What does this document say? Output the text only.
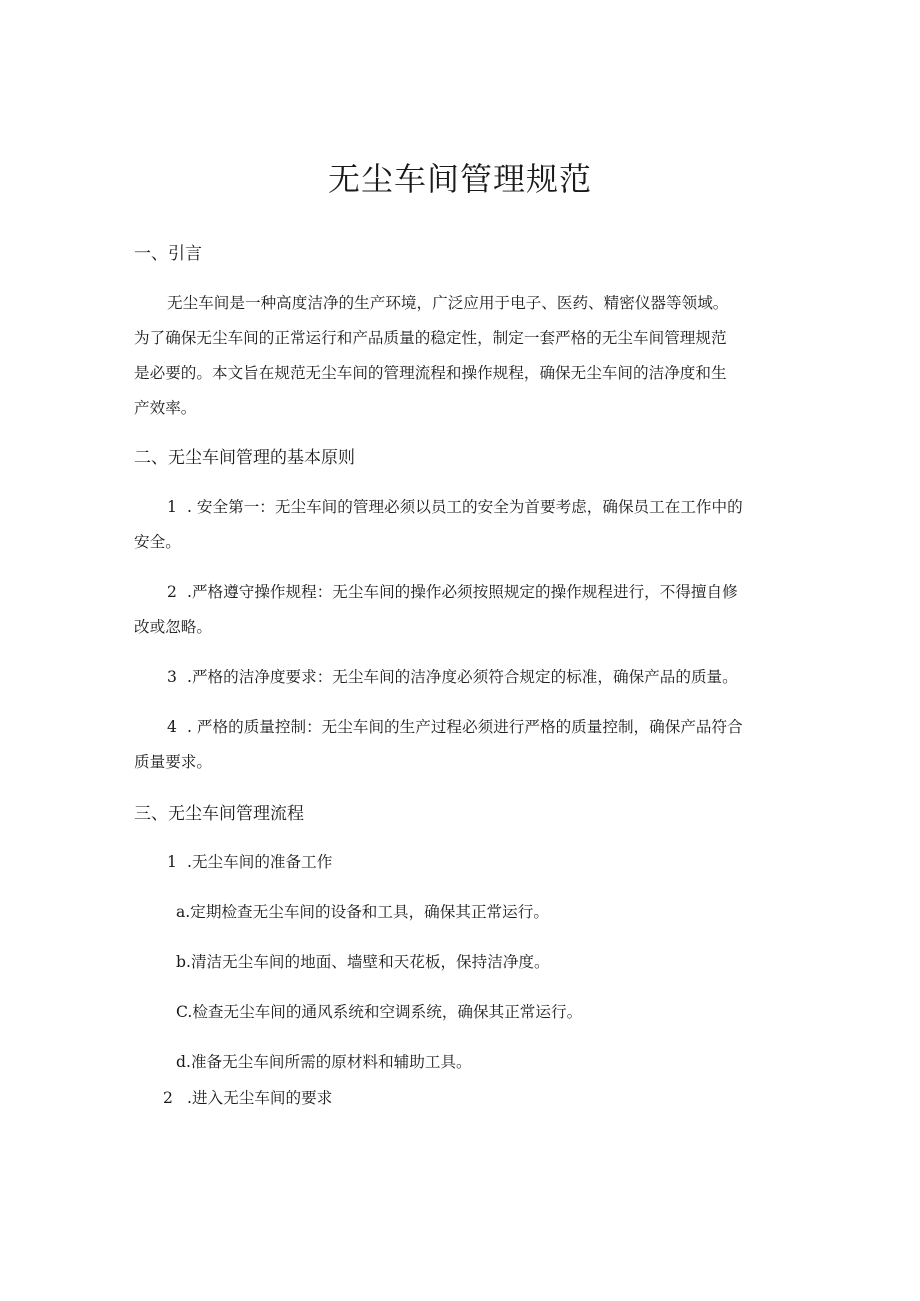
无尘车间管理规范
一、引言
无尘车间是一种高度洁净的生产环境，广泛应用于电子、医药、精密仪器等领域。
为了确保无尘车间的正常运行和产品质量的稳定性，制定一套严格的无尘车间管理规范
是必要的。本文旨在规范无尘车间的管理流程和操作规程，确保无尘车间的洁净度和生
产效率。
二、无尘车间管理的基本原则
1 . 安全第一：无尘车间的管理必须以员工的安全为首要考虑，确保员工在工作中的
安全。
2 .严格遵守操作规程：无尘车间的操作必须按照规定的操作规程进行，不得擅自修
改或忽略。
3 .严格的洁净度要求：无尘车间的洁净度必须符合规定的标准，确保产品的质量。
4 . 严格的质量控制：无尘车间的生产过程必须进行严格的质量控制，确保产品符合
质量要求。
三、无尘车间管理流程
1 .无尘车间的准备工作
a.定期检查无尘车间的设备和工具，确保其正常运行。
b.清洁无尘车间的地面、墙壁和天花板，保持洁净度。
C.检查无尘车间的通风系统和空调系统，确保其正常运行。
d.准备无尘车间所需的原材料和辅助工具。
2 .进入无尘车间的要求
